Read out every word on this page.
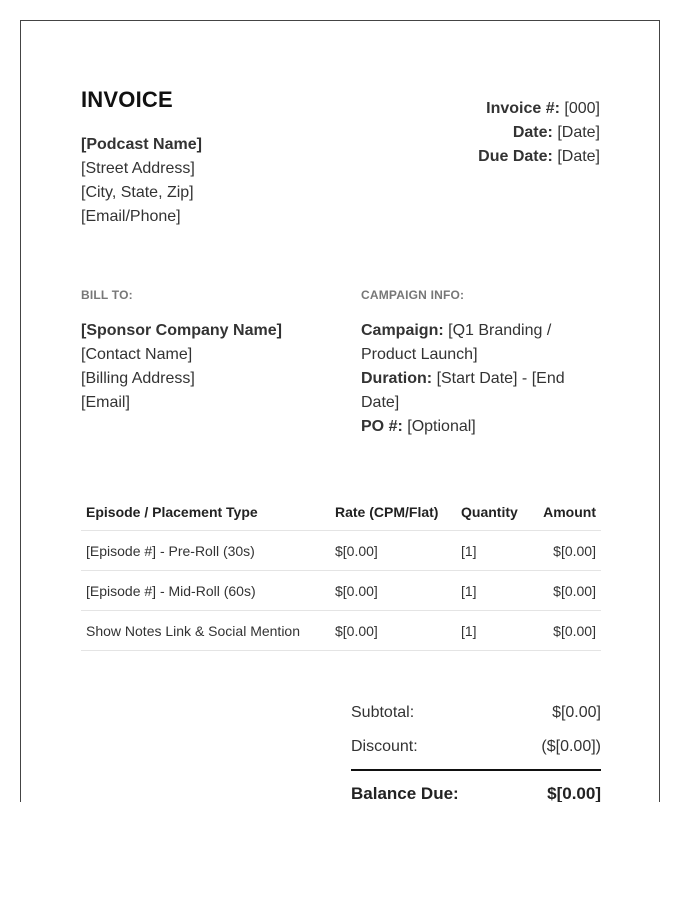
INVOICE
[Podcast Name]
[Street Address]
[City, State, Zip]
[Email/Phone]
Invoice #: [000]
Date: [Date]
Due Date: [Date]
BILL TO:	CAMPAIGN INFO:
[Sponsor Company Name]
[Contact Name]
[Billing Address]
[Email]
Campaign: [Q1 Branding / Product Launch]
Duration: [Start Date] - [End Date]
PO #: [Optional]
Episode / Placement Type	Rate (CPM/Flat)	Quantity	Amount
[Episode #] - Pre-Roll (30s)	$[0.00]	[1]	$[0.00]
[Episode #] - Mid-Roll (60s)	$[0.00]	[1]	$[0.00]
Show Notes Link & Social Mention	$[0.00]	[1]	$[0.00]
Subtotal:	$[0.00]
Discount:	($[0.00])
Balance Due:	$[0.00]
